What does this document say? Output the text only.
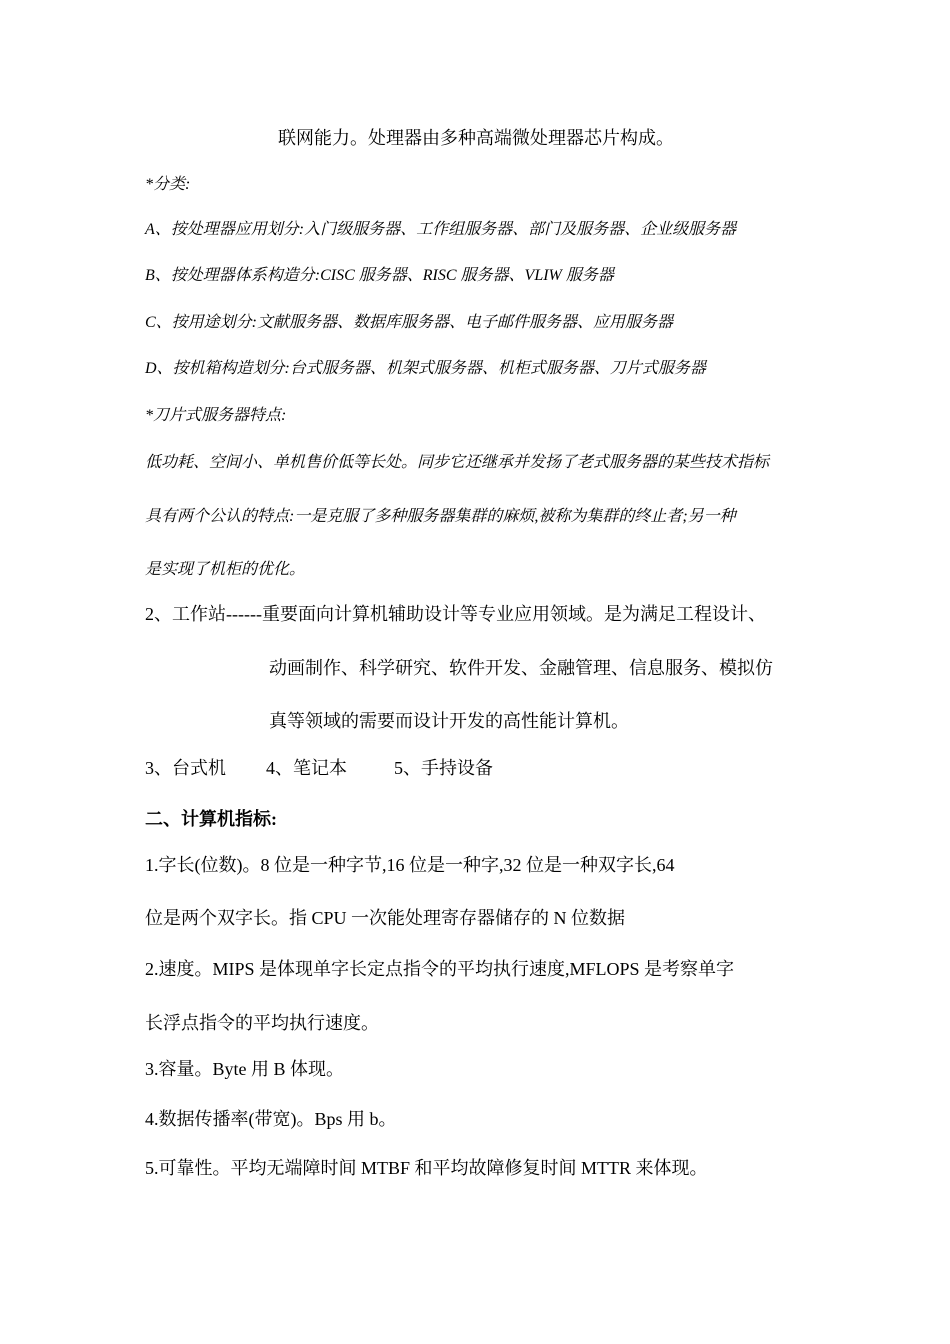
联网能力。处理器由多种高端微处理器芯片构成。
*分类:
A、按处理器应用划分:入门级服务器、工作组服务器、部门及服务器、企业级服务器
B、按处理器体系构造分:CISC 服务器、RISC 服务器、VLIW 服务器
C、按用途划分:文献服务器、数据库服务器、电子邮件服务器、应用服务器
D、按机箱构造划分:台式服务器、机架式服务器、机柜式服务器、刀片式服务器
*刀片式服务器特点:
低功耗、空间小、单机售价低等长处。同步它还继承并发扬了老式服务器的某些技术指标
具有两个公认的特点:一是克服了多种服务器集群的麻烦,被称为集群的终止者;另一种
是实现了机柜的优化。
2、工作站------重要面向计算机辅助设计等专业应用领域。是为满足工程设计、
动画制作、科学研究、软件开发、金融管理、信息服务、模拟仿
真等领域的需要而设计开发的高性能计算机。
3、台式机 4、笔记本	5、手持设备
二、计算机指标:
1.字长(位数)。8 位是一种字节,16 位是一种字,32 位是一种双字长,64
位是两个双字长。指 CPU 一次能处理寄存器储存的 N 位数据
2.速度。MIPS 是体现单字长定点指令的平均执行速度,MFLOPS 是考察单字
长浮点指令的平均执行速度。
3.容量。Byte 用 B 体现。
4.数据传播率(带宽)。Bps 用 b。
5.可靠性。平均无端障时间 MTBF 和平均故障修复时间 MTTR 来体现。
